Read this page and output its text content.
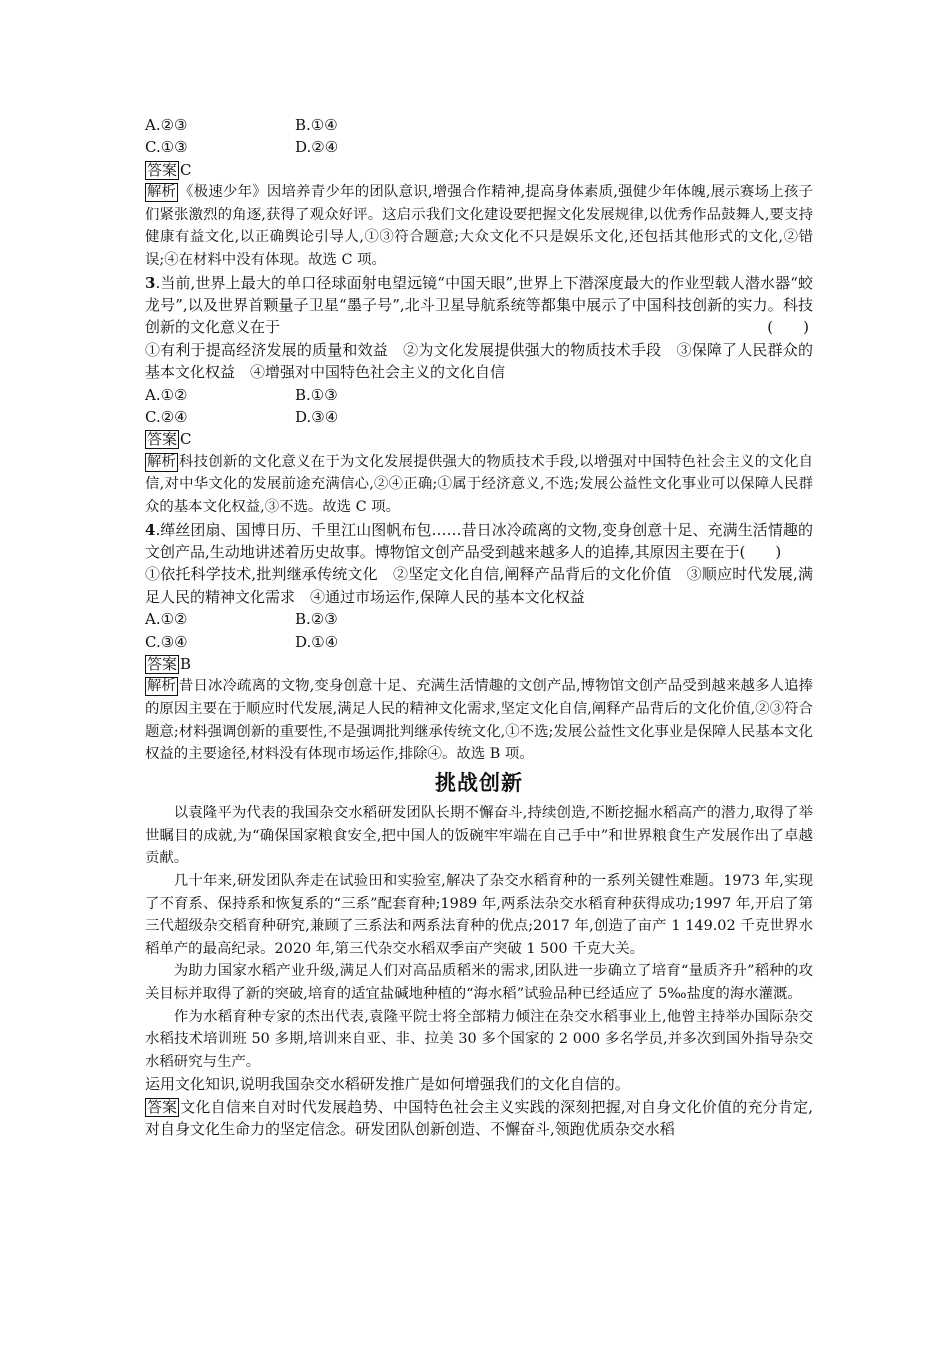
A.②③	B.①④
C.①③	D.②④

答案 C

解析 《极速少年》因培养青少年的团队意识,增强合作精神,提高身体素质,强健少年体魄,展示赛场上孩子们紧张激烈的角逐,获得了观众好评。这启示我们文化建设要把握文化发展规律,以优秀作品鼓舞人,要支持健康有益文化,以正确舆论引导人,①③符合题意;大众文化不只是娱乐文化,还包括其他形式的文化,②错误;④在材料中没有体现。故选 C 项。

3.当前,世界上最大的单口径球面射电望远镜“中国天眼”,世界上下潜深度最大的作业型载人潜水器“蛟龙号”,以及世界首颗量子卫星“墨子号”,北斗卫星导航系统等都集中展示了中国科技创新的实力。科技创新的文化意义在于	(　　)

①有利于提高经济发展的质量和效益　②为文化发展提供强大的物质技术手段　③保障了人民群众的基本文化权益　④增强对中国特色社会主义的文化自信

A.①②	B.①③
C.②④	D.③④

答案 C

解析 科技创新的文化意义在于为文化发展提供强大的物质技术手段,以增强对中国特色社会主义的文化自信,对中华文化的发展前途充满信心,②④正确;①属于经济意义,不选;发展公益性文化事业可以保障人民群众的基本文化权益,③不选。故选 C 项。

4.缂丝团扇、国博日历、千里江山图帆布包……昔日冰冷疏离的文物,变身创意十足、充满生活情趣的文创产品,生动地讲述着历史故事。博物馆文创产品受到越来越多人的追捧,其原因主要在于(　　)

①依托科学技术,批判继承传统文化　②坚定文化自信,阐释产品背后的文化价值　③顺应时代发展,满足人民的精神文化需求　④通过市场运作,保障人民的基本文化权益

A.①②	B.②③
C.③④	D.①④

答案 B

解析 昔日冰冷疏离的文物,变身创意十足、充满生活情趣的文创产品,博物馆文创产品受到越来越多人追捧的原因主要在于顺应时代发展,满足人民的精神文化需求,坚定文化自信,阐释产品背后的文化价值,②③符合题意;材料强调创新的重要性,不是强调批判继承传统文化,①不选;发展公益性文化事业是保障人民基本文化权益的主要途径,材料没有体现市场运作,排除④。故选 B 项。

挑战创新

以袁隆平为代表的我国杂交水稻研发团队长期不懈奋斗,持续创造,不断挖掘水稻高产的潜力,取得了举世瞩目的成就,为“确保国家粮食安全,把中国人的饭碗牢牢端在自己手中”和世界粮食生产发展作出了卓越贡献。

几十年来,研发团队奔走在试验田和实验室,解决了杂交水稻育种的一系列关键性难题。1973 年,实现了不育系、保持系和恢复系的“三系”配套育种;1989 年,两系法杂交水稻育种获得成功;1997 年,开启了第三代超级杂交稻育种研究,兼顾了三系法和两系法育种的优点;2017 年,创造了亩产 1 149.02 千克世界水稻单产的最高纪录。2020 年,第三代杂交水稻双季亩产突破 1 500 千克大关。

为助力国家水稻产业升级,满足人们对高品质稻米的需求,团队进一步确立了培育“量质齐升”稻种的攻关目标并取得了新的突破,培育的适宜盐碱地种植的“海水稻”试验品种已经适应了 5‰盐度的海水灌溉。

作为水稻育种专家的杰出代表,袁隆平院士将全部精力倾注在杂交水稻事业上,他曾主持举办国际杂交水稻技术培训班 50 多期,培训来自亚、非、拉美 30 多个国家的 2 000 多名学员,并多次到国外指导杂交水稻研究与生产。

运用文化知识,说明我国杂交水稻研发推广是如何增强我们的文化自信的。

答案 文化自信来自对时代发展趋势、中国特色社会主义实践的深刻把握,对自身文化价值的充分肯定,对自身文化生命力的坚定信念。研发团队创新创造、不懈奋斗,领跑优质杂交水稻
